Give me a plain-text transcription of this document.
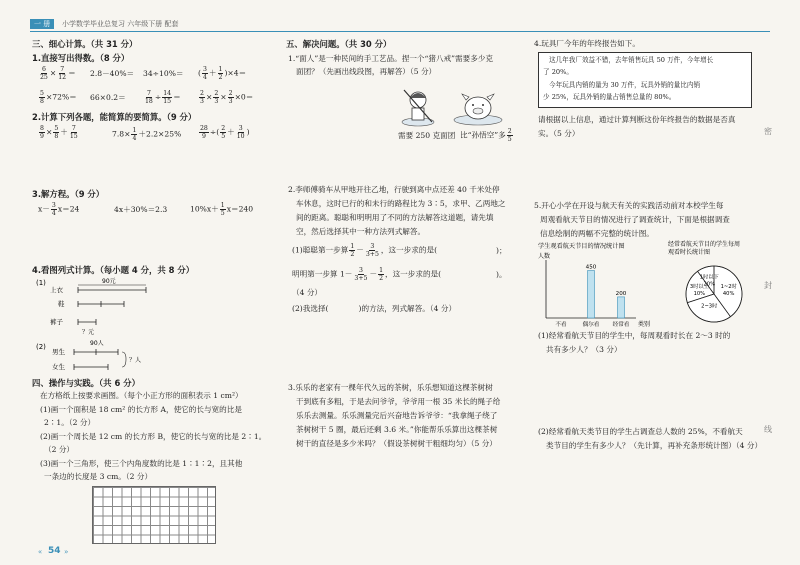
一 册	小学数学毕业总复习 六年级下册 配套
三、细心计算。（共 31 分）
1.直接写出得数。（8 分）
$\frac{6}{25} \times \frac{7}{12} = 2.8-40\%= 34\div 10\%=$ ( $\frac{3}{4} + \frac{1}{2} )\times 4=$
$\frac{5}{8} \times 72\%= 66\times 0.2=$	$\frac{7}{18} \div \frac{14}{15}$ ＝	$\frac{2}{3} \times \frac{2}{3} \times \frac{2}{3} \times 0=$
2.计算下列各题，能简算的要简算。（9 分）
$\frac{8}{9} \times \frac{5}{8} + \frac{7}{15}$	$7.8\times \frac{1}{4} +2.2\times 25\%$	$\frac{28}{9}$ ÷( $\frac{2}{5} + \frac{3}{10}$ )
3.解方程。（9 分）
$x- \frac{3}{4} x=24$	4x＋30%＝2.3	$10\%x+ \frac{1}{5} x=240$
4.看图列式计算。（每小题 4 分，共 8 分）
(1)
上衣
鞋
裤子
90元
？元
(2)
男生
女生
90人
？人
四、操作与实践。（共 6 分）
在方格纸上按要求画图。（每个小正方形的面积表示 1 cm²）
(1)画一个面积是 18 cm² 的长方形 A，使它的长与宽的比是
2∶1。（2 分）
(2)画一个周长是 12 cm 的长方形 B，使它的长与宽的比是 2∶1。
（2 分）
(3)画一个三角形，使三个内角度数的比是 1∶1∶2，且其他
一条边的长度是 3 cm。（2 分）
« 54 »
五、解决问题。（共 30 分）
1.“面人”是一种民间的手工艺品。捏一个“猪八戒”需要多少克
面团？（先画出线段图，再解答）（5 分）
需要 250 克面团 比“孙悟空”多 $\frac{2}{5}$
2.李师傅骑车从甲地开往乙地，行驶到离中点还差 40 千米处停
车休息，这时已行的和未行的路程比为 3∶5，求甲、乙两地之
间的距离。聪聪和明明用了不同的方法解答这道题，请先填
空，然后选择其中一种方法列式解答。
(1)聪聪第一步算 $\frac{1}{2} - \frac{3}{3+5}$ ，这一步求的是(	)；
明明第一步算 $1- \frac{3}{3+5} - \frac{1}{2}$ ，这一步求的是(	)。
（4 分）
(2)我选择(	)的方法，列式解答。（4 分）
3.乐乐的老家有一棵年代久远的茶树，乐乐想知道这棵茶树树
干到底有多粗，于是去问爷爷，爷爷用一根 35 米长的绳子给
乐乐去测量。乐乐测量完后兴奋地告诉爷爷：“我拿绳子绕了
茶树树干 5 圈，最后还剩 3.6 米。”你能帮乐乐算出这棵茶树
树干的直径是多少米吗？（假设茶树树干粗细均匀）（5 分）
4.玩具厂今年的年终报告如下。
这几年我厂效益不错，去年销售玩具 50 万件，今年增长
了 20%。
今年玩具内销的量为 30 万件，玩具外销的量比内销
少 25%，玩具外销的量占销售总量的 80%。
请根据以上信息，通过计算判断这份年终报告的数据是否真
实。（5 分）
5.开心小学在开设与航天有关的实践活动前对本校学生每
周观看航天节目的情况进行了调查统计，下面是根据调查
信息绘制的两幅不完整的统计图。
学生观看航天节目的情况统计图
人数
不看	偶尔看
450
经常看
200
类别
经常看航天节目的学生每周
观看时长统计图
1~2时
40%
2~3时
3时以上
10%
1时以下
20%
(1)经常看航天节目的学生中，每周观看时长在 2～3 时的
共有多少人？（3 分）
(2)经常看航天类节目的学生占调查总人数的 25%，不看航天
类节目的学生有多少人？（先计算，再补充条形统计图）（4 分）
密
封
线
